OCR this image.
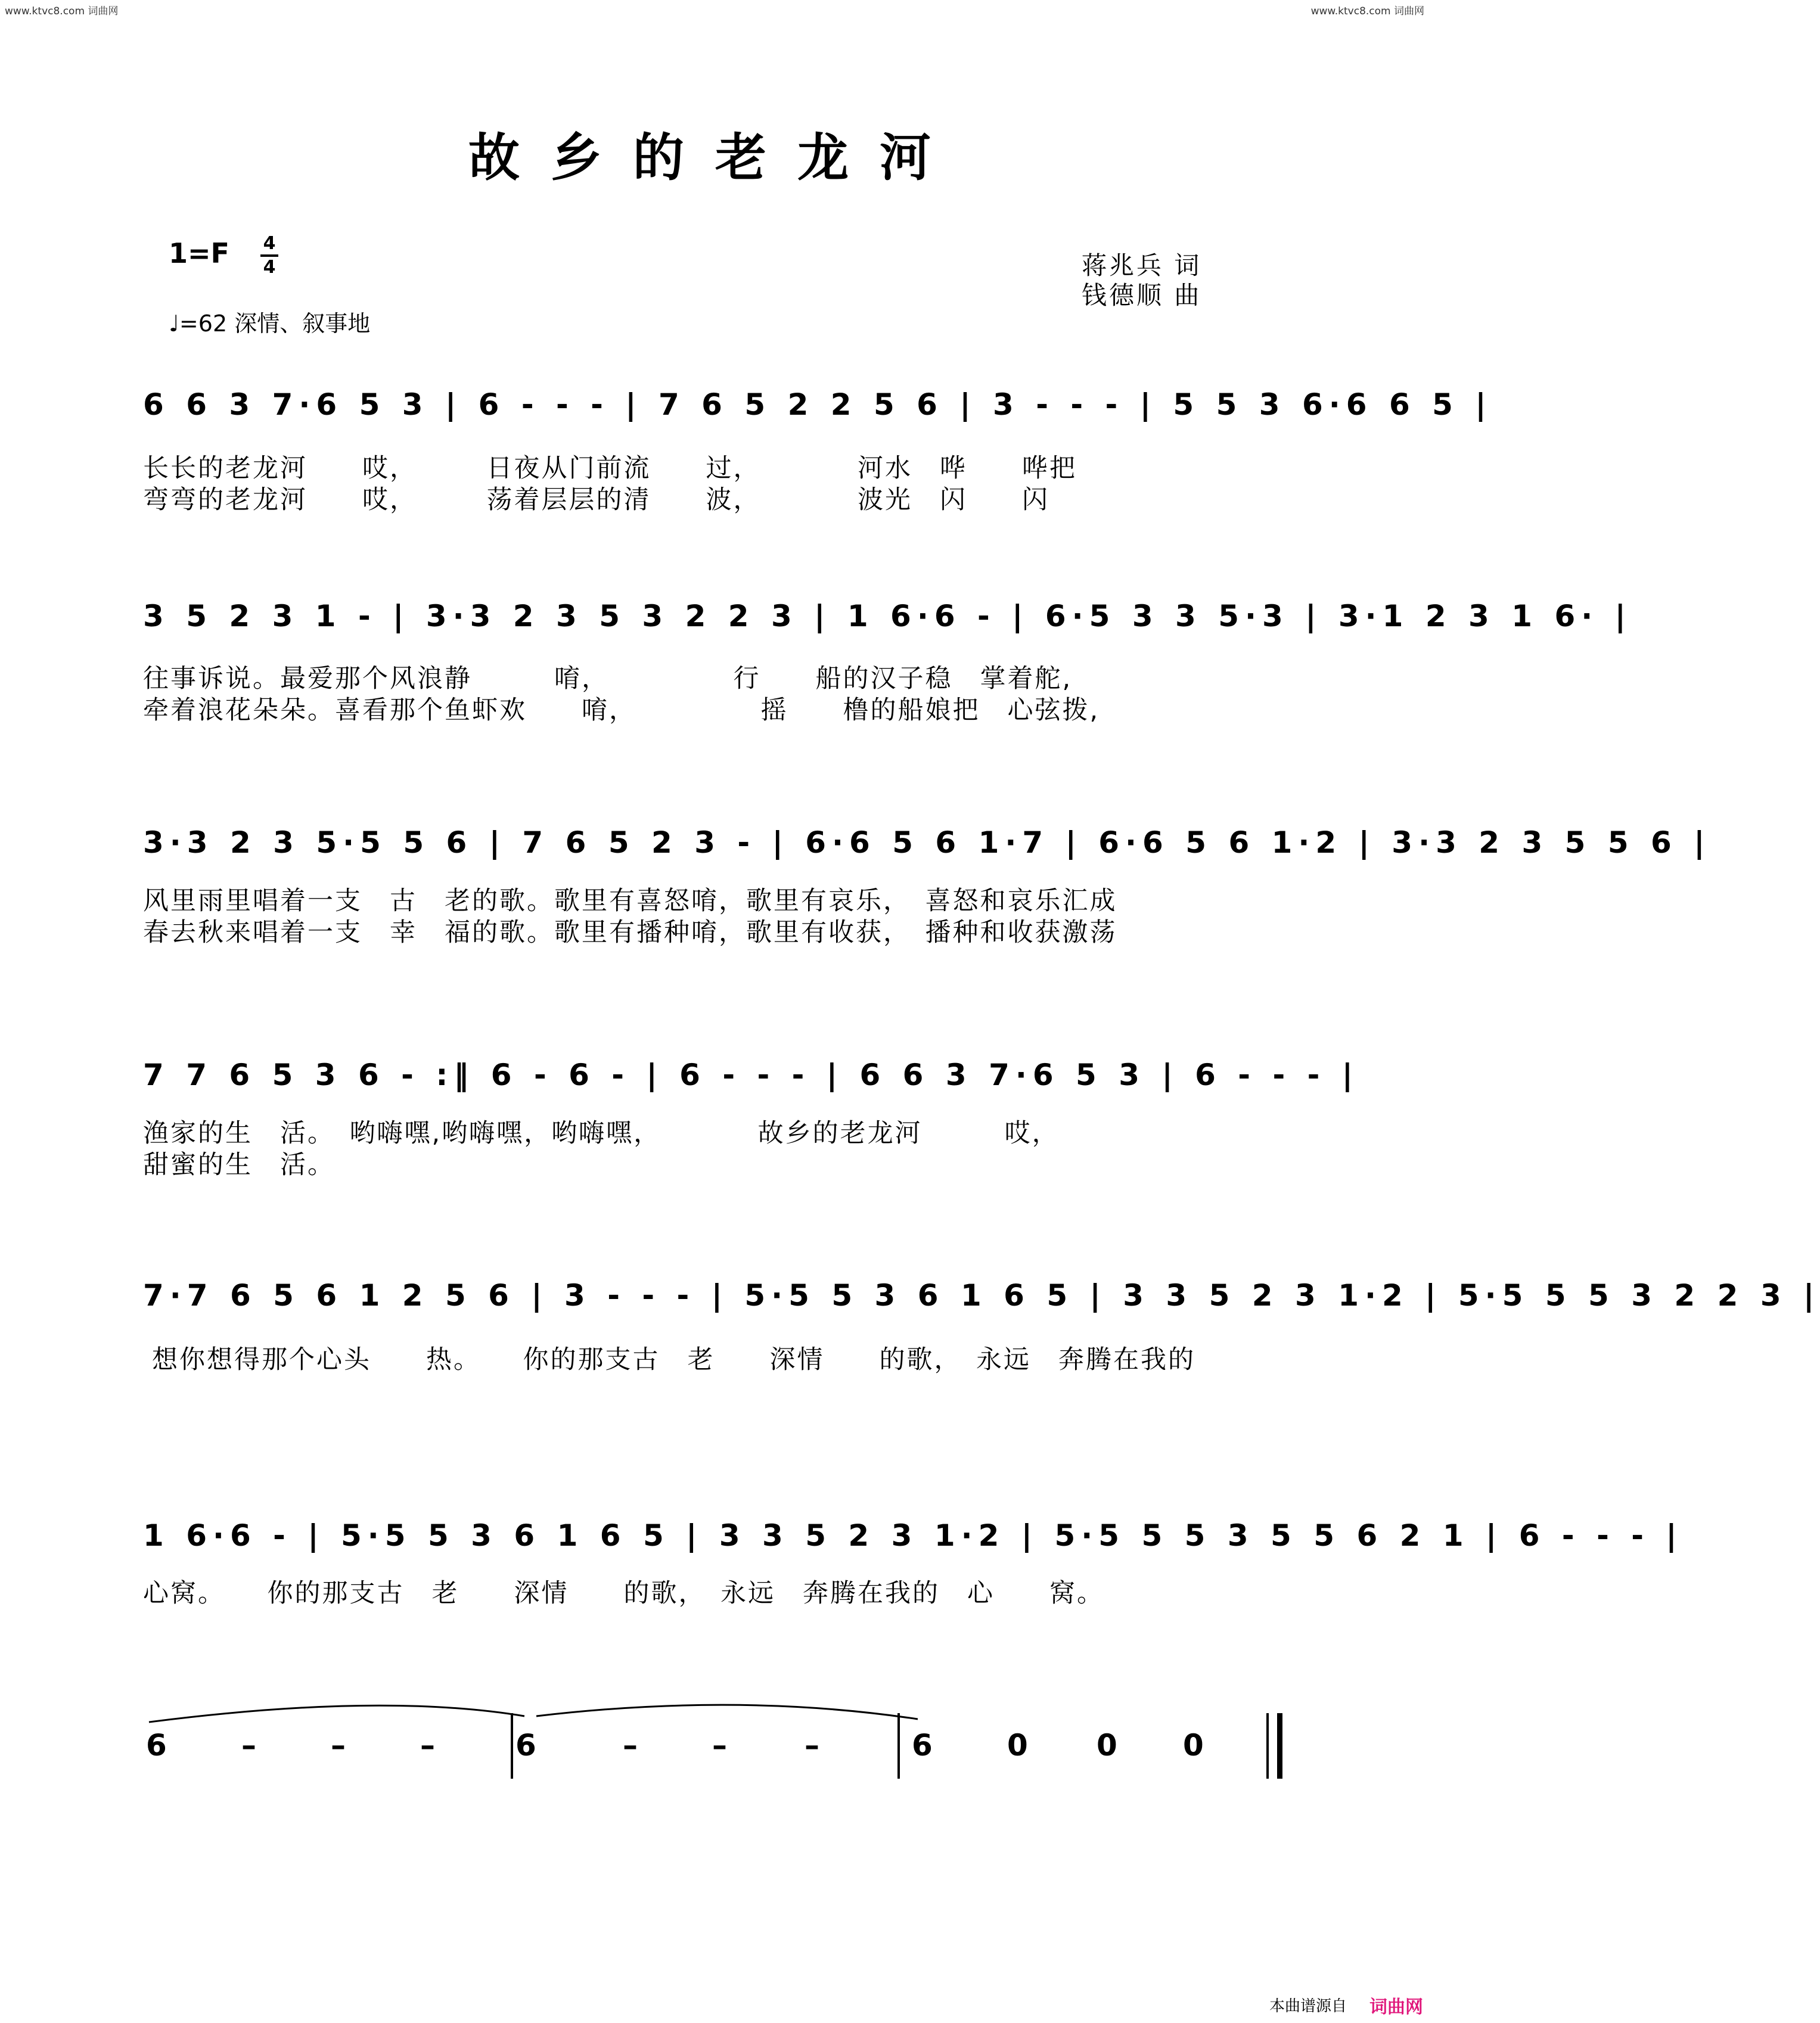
www.ktvc8.com 词曲网	www.ktvc8.com 词曲网
故乡的老龙河
1=F 4
4
♩=62 深情、叙事地
蒋兆兵 词
钱德顺 曲
6 6 3 7·6 5 3 | 6 - - - | 7 6 5 2 2 5 6 | 3 - - - | 5 5 3 6·6 6 5 |
长长的老龙河　　哎，　　　日夜从门前流　　过，　　　　河水　哗　　哗把
弯弯的老龙河　　哎，　　　荡着层层的清　　波，　　　　波光　闪　　闪
3 5 2 3 1 - | 3·3 2 3 5 3 2 2 3 | 1 6·6 - | 6·5 3 3 5·3 | 3·1 2 3 1 6· |
往事诉说。最爱那个风浪静　　　唷，　　　　　行　　船的汉子稳　掌着舵,
牵着浪花朵朵。喜看那个鱼虾欢　　唷，　　　　　摇　　橹的船娘把　心弦拨,
3·3 2 3 5·5 5 6 | 7 6 5 2 3 - | 6·6 5 6 1·7 | 6·6 5 6 1·2 | 3·3 2 3 5 5 6 |
风里雨里唱着一支　古　老的歌。歌里有喜怒唷，歌里有哀乐，　喜怒和哀乐汇成
春去秋来唱着一支　幸　福的歌。歌里有播种唷，歌里有收获，　播种和收获激荡
7 7 6 5 3 6 - :‖ 6 - 6 - | 6 - - - | 6 6 3 7·6 5 3 | 6 - - - |
渔家的生　活。　哟嗨嘿,哟嗨嘿，哟嗨嘿，　　　　故乡的老龙河　　　哎，
甜蜜的生　活。
7·7 6 5 6 1 2 5 6 | 3 - - - | 5·5 5 3 6 1 6 5 | 3 3 5 2 3 1·2 | 5·5 5 5 3 2 2 3 |
想你想得那个心头　　热。　　你的那支古　老　　深情　　的歌，　永远　奔腾在我的
1 6·6 - | 5·5 5 3 6 1 6 5 | 3 3 5 2 3 1·2 | 5·5 5 5 3 5 5 6 2 1 | 6 - - - |
心窝。　　你的那支古　老　　深情　　的歌，　永远　奔腾在我的　心　　窝。
6	–	–	–	6	–	–	–	6	0 0 0
本曲谱源自 词曲网
